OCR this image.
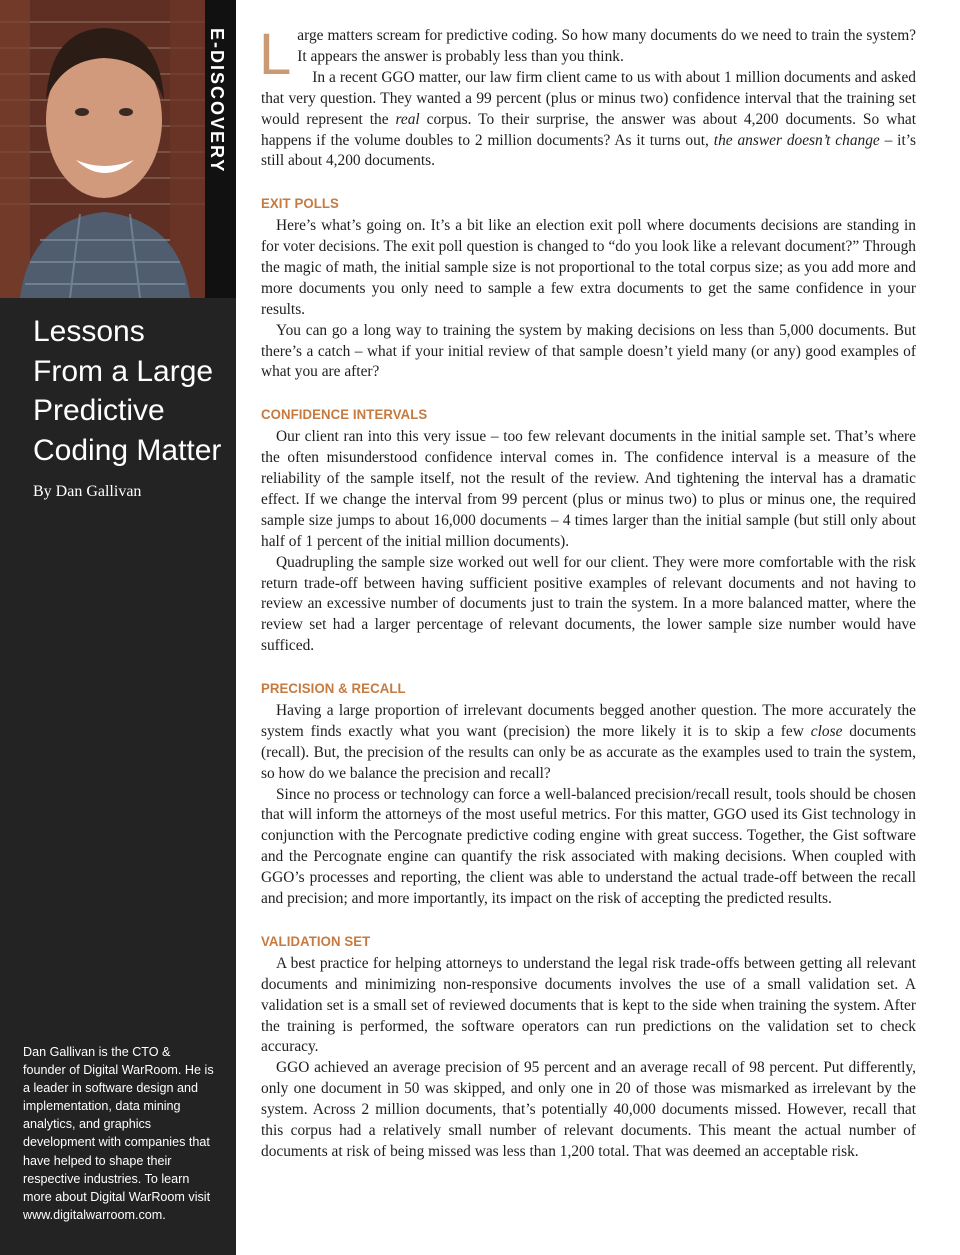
E-DISCOVERY
Lessons
From a Large
Predictive
Coding Matter
By Dan Gallivan
Dan Gallivan is the CTO & founder of Digital WarRoom. He is a leader in software design and implementation, data mining analytics, and graphics development with companies that have helped to shape their respective industries. To learn more about Digital WarRoom visit www.digitalwarroom.com.

Large matters scream for predictive coding. So how many documents do we need to train the system? It appears the answer is probably less than you think.

In a recent GGO matter, our law firm client came to us with about 1 million documents and asked that very question. They wanted a 99 percent (plus or minus two) confidence interval that the training set would represent the real corpus. To their surprise, the answer was about 4,200 documents. So what happens if the volume doubles to 2 million documents? As it turns out, the answer doesn’t change – it’s still about 4,200 documents.

EXIT POLLS

Here’s what’s going on. It’s a bit like an election exit poll where documents decisions are standing in for voter decisions. The exit poll question is changed to “do you look like a relevant document?” Through the magic of math, the initial sample size is not proportional to the total corpus size; as you add more and more documents you only need to sample a few extra documents to get the same confidence in your results.

You can go a long way to training the system by making decisions on less than 5,000 documents. But there’s a catch – what if your initial review of that sample doesn’t yield many (or any) good examples of what you are after?

CONFIDENCE INTERVALS

Our client ran into this very issue – too few relevant documents in the initial sample set. That’s where the often misunderstood confidence interval comes in. The confidence interval is a measure of the reliability of the sample itself, not the result of the review. And tightening the interval has a dramatic effect. If we change the interval from 99 percent (plus or minus two) to plus or minus one, the required sample size jumps to about 16,000 documents – 4 times larger than the initial sample (but still only about half of 1 percent of the initial million documents).

Quadrupling the sample size worked out well for our client. They were more comfortable with the risk return trade-off between having sufficient positive examples of relevant documents and not having to review an excessive number of documents just to train the system. In a more balanced matter, where the review set had a larger percentage of relevant documents, the lower sample size number would have sufficed.

PRECISION & RECALL

Having a large proportion of irrelevant documents begged another question. The more accurately the system finds exactly what you want (precision) the more likely it is to skip a few close documents (recall). But, the precision of the results can only be as accurate as the examples used to train the system, so how do we balance the precision and recall?

Since no process or technology can force a well-balanced precision/recall result, tools should be chosen that will inform the attorneys of the most useful metrics. For this matter, GGO used its Gist technology in conjunction with the Percognate predictive coding engine with great success. Together, the Gist software and the Percognate engine can quantify the risk associated with making decisions. When coupled with GGO’s processes and reporting, the client was able to understand the actual trade-off between the recall and precision; and more importantly, its impact on the risk of accepting the predicted results.

VALIDATION SET

A best practice for helping attorneys to understand the legal risk trade-offs between getting all relevant documents and minimizing non-responsive documents involves the use of a small validation set. A validation set is a small set of reviewed documents that is kept to the side when training the system. After the training is performed, the software operators can run predictions on the validation set to check accuracy.

GGO achieved an average precision of 95 percent and an average recall of 98 percent. Put differently, only one document in 50 was skipped, and only one in 20 of those was mismarked as irrelevant by the system. Across 2 million documents, that’s potentially 40,000 documents missed. However, recall that this corpus had a relatively small number of relevant documents. This meant the actual number of documents at risk of being missed was less than 1,200 total. That was deemed an acceptable risk.
